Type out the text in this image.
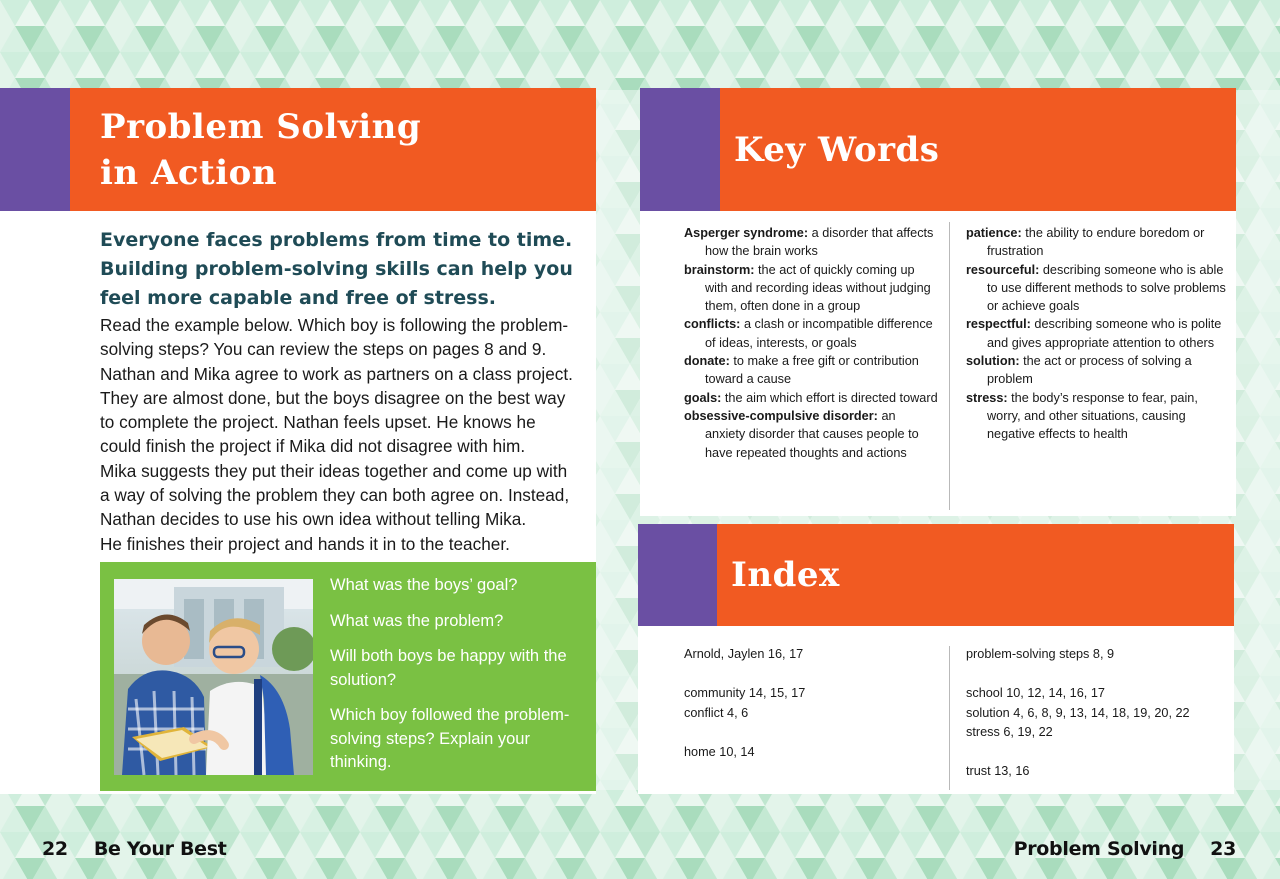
Problem Solving
in Action
Everyone faces problems from time to time. Building problem-solving skills can help you feel more capable and free of stress.
Read the example below. Which boy is following the problem-
solving steps? You can review the steps on pages 8 and 9.
Nathan and Mika agree to work as partners on a class project.
They are almost done, but the boys disagree on the best way
to complete the project. Nathan feels upset. He knows he
could finish the project if Mika did not disagree with him.
Mika suggests they put their ideas together and come up with
a way of solving the problem they can both agree on. Instead,
Nathan decides to use his own idea without telling Mika.
He finishes their project and hands it in to the teacher.

What was the boys’ goal?

What was the problem?

Will both boys be happy with the solution?

Which boy followed the problem-solving steps? Explain your thinking.

Key Words
Asperger syndrome: a disorder that affects how the brain works
brainstorm: the act of quickly coming up with and recording ideas without judging them, often done in a group
conflicts: a clash or incompatible difference of ideas, interests, or goals
donate: to make a free gift or contribution toward a cause
goals: the aim which effort is directed toward
obsessive-compulsive disorder: an anxiety disorder that causes people to have repeated thoughts and actions
patience: the ability to endure boredom or frustration
resourceful: describing someone who is able to use different methods to solve problems or achieve goals
respectful: describing someone who is polite and gives appropriate attention to others
solution: the act or process of solving a problem
stress: the body’s response to fear, pain, worry, and other situations, causing negative effects to health
Index
Arnold, Jaylen 16, 17
community 14, 15, 17
conflict 4, 6
home 10, 14
problem-solving steps 8, 9
school 10, 12, 14, 16, 17
solution 4, 6, 8, 9, 13, 14, 18, 19, 20, 22
stress 6, 19, 22
trust 13, 16
22 Be Your Best	Problem Solving 23
